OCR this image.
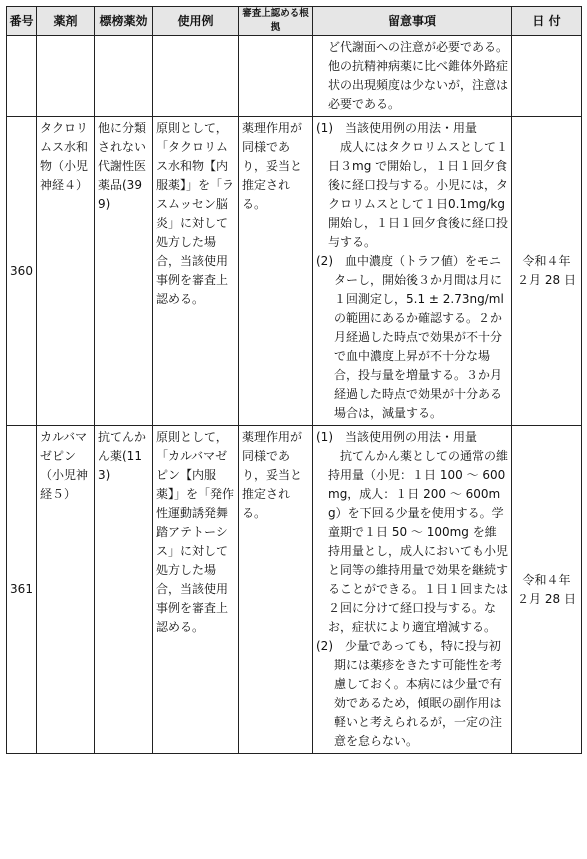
番号	薬剤	標榜薬効	使用例	審査上認める根拠	留意事項	日 付

					ど代謝面への注意が必要である。他の抗精神病薬に比べ錐体外路症状の出現頻度は少ないが，注意は必要である。	

360	タクロリムス水和物（小児神経４）	他に分類されない代謝性医薬品(399)	原則として，「タクロリムス水和物【内服薬】」を「ラスムッセン脳炎」に対して処方した場合，当該使用事例を審査上認める。	薬理作用が同様であり，妥当と推定される。	(1)　当該使用例の用法・用量
成人にはタクロリムスとして１日３mg で開始し，１日１回夕食後に経口投与する。小児には，タクロリムスとして１日0.1mg/kg 開始し，１日１回夕食後に経口投与する。
(2)　血中濃度（トラフ値）をモニターし，開始後３か月間は月に１回測定し，5.1 ± 2.73ng/ml の範囲にあるか確認する。２か月経過した時点で効果が不十分で血中濃度上昇が不十分な場合，投与量を増量する。３か月経過した時点で効果が十分ある場合は，減量する。	令和４年
２月 28 日
361	カルバマゼピン（小児神経５）	抗てんかん薬(113)	原則として，「カルバマゼピン【内服薬】」を「発作性運動誘発舞踏アテトーシス」に対して処方した場合，当該使用事例を審査上認める。	薬理作用が同様であり，妥当と推定される。	(1)　当該使用例の用法・用量
抗てんかん薬としての通常の維持用量（小児：１日 100 ～ 600mg，成人：１日 200 ～ 600mg）を下回る少量を使用する。学童期で１日 50 ～ 100mg を維持用量とし，成人においても小児と同等の維持用量で効果を継続することができる。１日１回または２回に分けて経口投与する。なお，症状により適宜増減する。
(2)　少量であっても，特に投与初期には薬疹をきたす可能性を考慮しておく。本病には少量で有効であるため，傾眠の副作用は軽いと考えられるが，一定の注意を怠らない。	令和４年
２月 28 日
